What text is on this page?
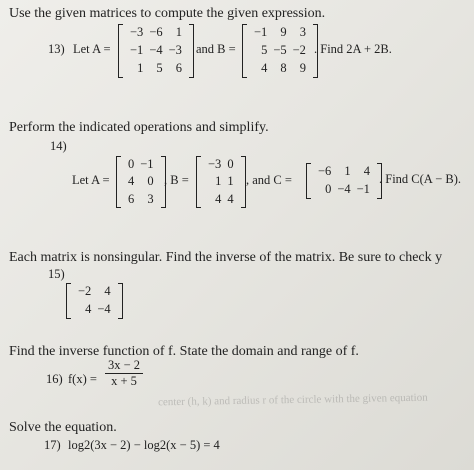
Use the given matrices to compute the given expression.
13) Let A =
−3 −6	1
−1 −4 −3
1	5	6
and B =
−1	9	3
5 −5 −2
4	8	9
. Find 2A + 2B.
Perform the indicated operations and simplify.
14)
Let A =
0 −1
4	0
6	3
, B =
−3 0
1 1
4 4
, and C =
−6	1	4
0 −4 −1
. Find C(A − B).
Each matrix is nonsingular. Find the inverse of the matrix. Be sure to check y
15)
−2	4
4 −4
Find the inverse function of f. State the domain and range of f.
16) $f(x) = \frac{3x - 2}{x + 5}$
center (h, k) and radius r of the circle with the given equation
Solve the equation.
17) log2(3x − 2) − log2(x − 5) = 4
